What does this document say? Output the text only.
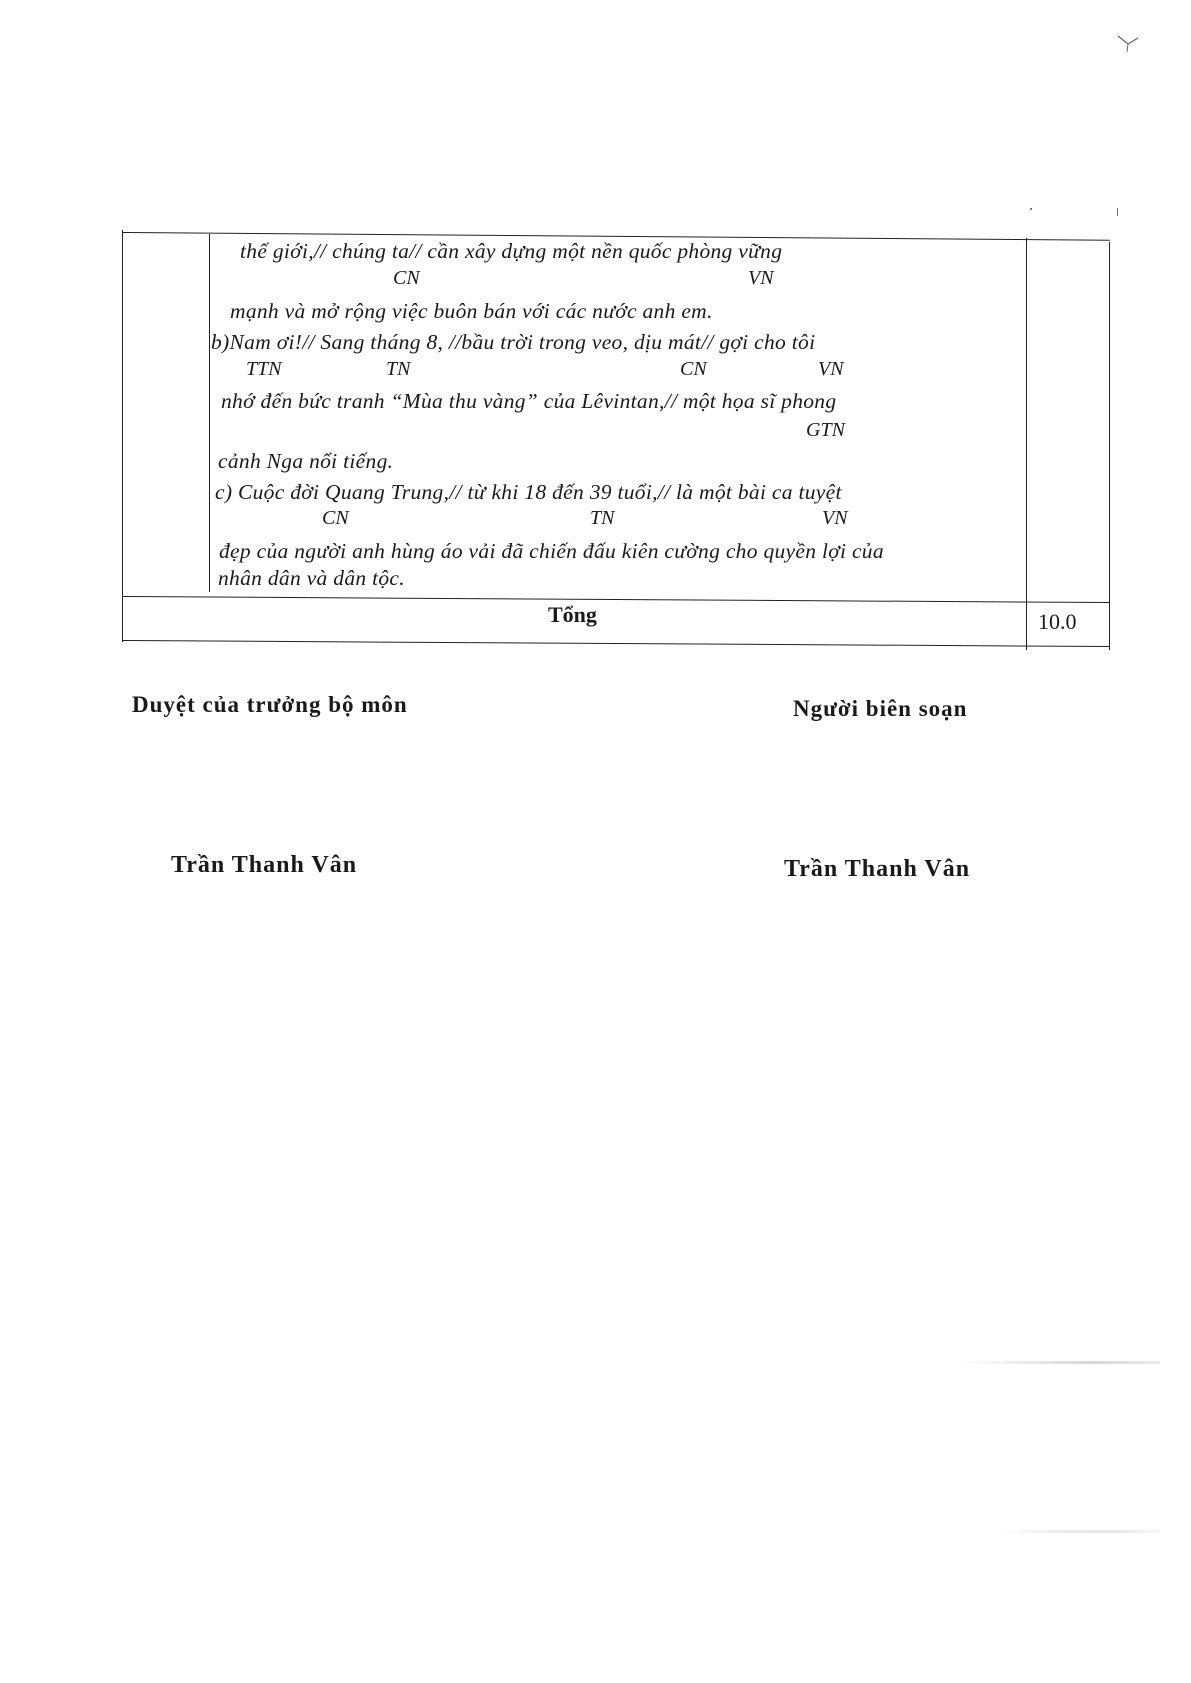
thế giới,// chúng ta// cần xây dựng một nền quốc phòng vững
CN	VN
mạnh và mở rộng việc buôn bán với các nước anh em.
b)Nam ơi!// Sang tháng 8, //bầu trời trong veo, dịu mát// gợi cho tôi
TTN	TN	CN	VN
nhớ đến bức tranh “Mùa thu vàng” của Lêvintan,// một họa sĩ phong
GTN
cảnh Nga nổi tiếng.
c) Cuộc đời Quang Trung,// từ khi 18 đến 39 tuổi,// là một bài ca tuyệt
CN	TN	VN
đẹp của người anh hùng áo vải đã chiến đấu kiên cường cho quyền lợi của
nhân dân và dân tộc.
Tổng	10.0
Duyệt của trưởng bộ môn	Người biên soạn
Trần Thanh Vân	Trần Thanh Vân
